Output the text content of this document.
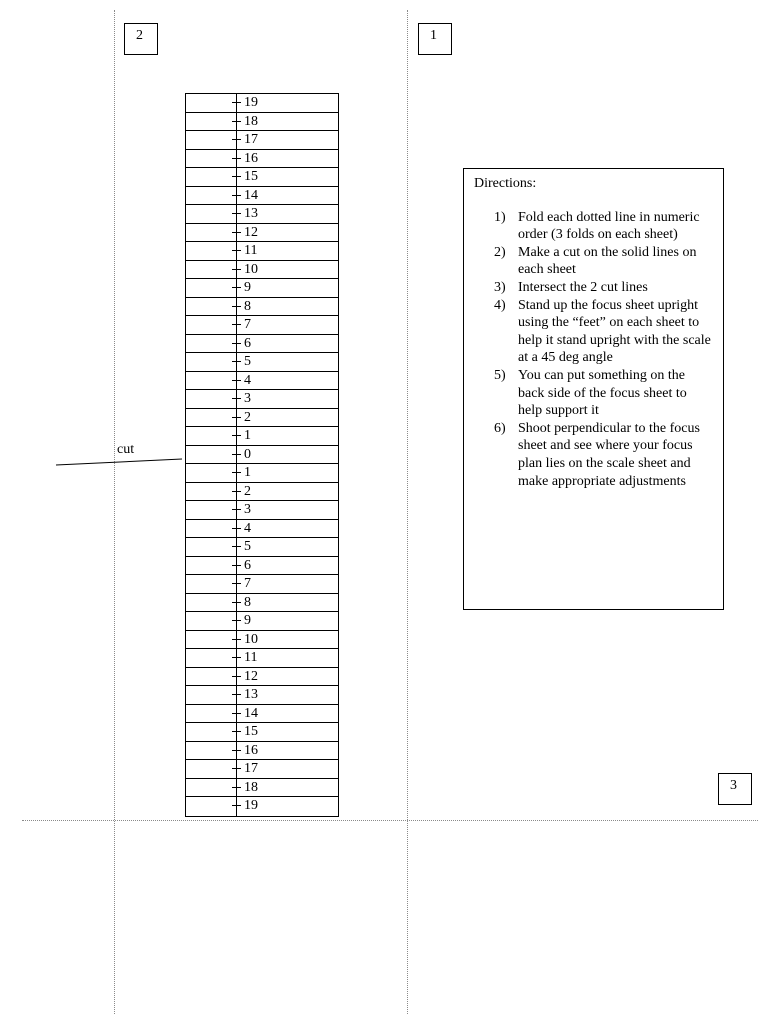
2	1
3
19
18
17
16
15
14
13
12
11
10
9
8
7
6
5
4
3
2
1
0
1
2
3
4
5
6
7
8
9
10
11
12
13
14
15
16
17
18
19
cut
Directions:
1) Fold each dotted line in numeric order (3 folds on each sheet)
2) Make a cut on the solid lines on each sheet
3) Intersect the 2 cut lines
4) Stand up the focus sheet upright using the “feet” on each sheet to help it stand upright with the scale at a 45 deg angle
5) You can put something on the back side of the focus sheet to help support it
6) Shoot perpendicular to the focus sheet and see where your focus plan lies on the scale sheet and make appropriate adjustments
